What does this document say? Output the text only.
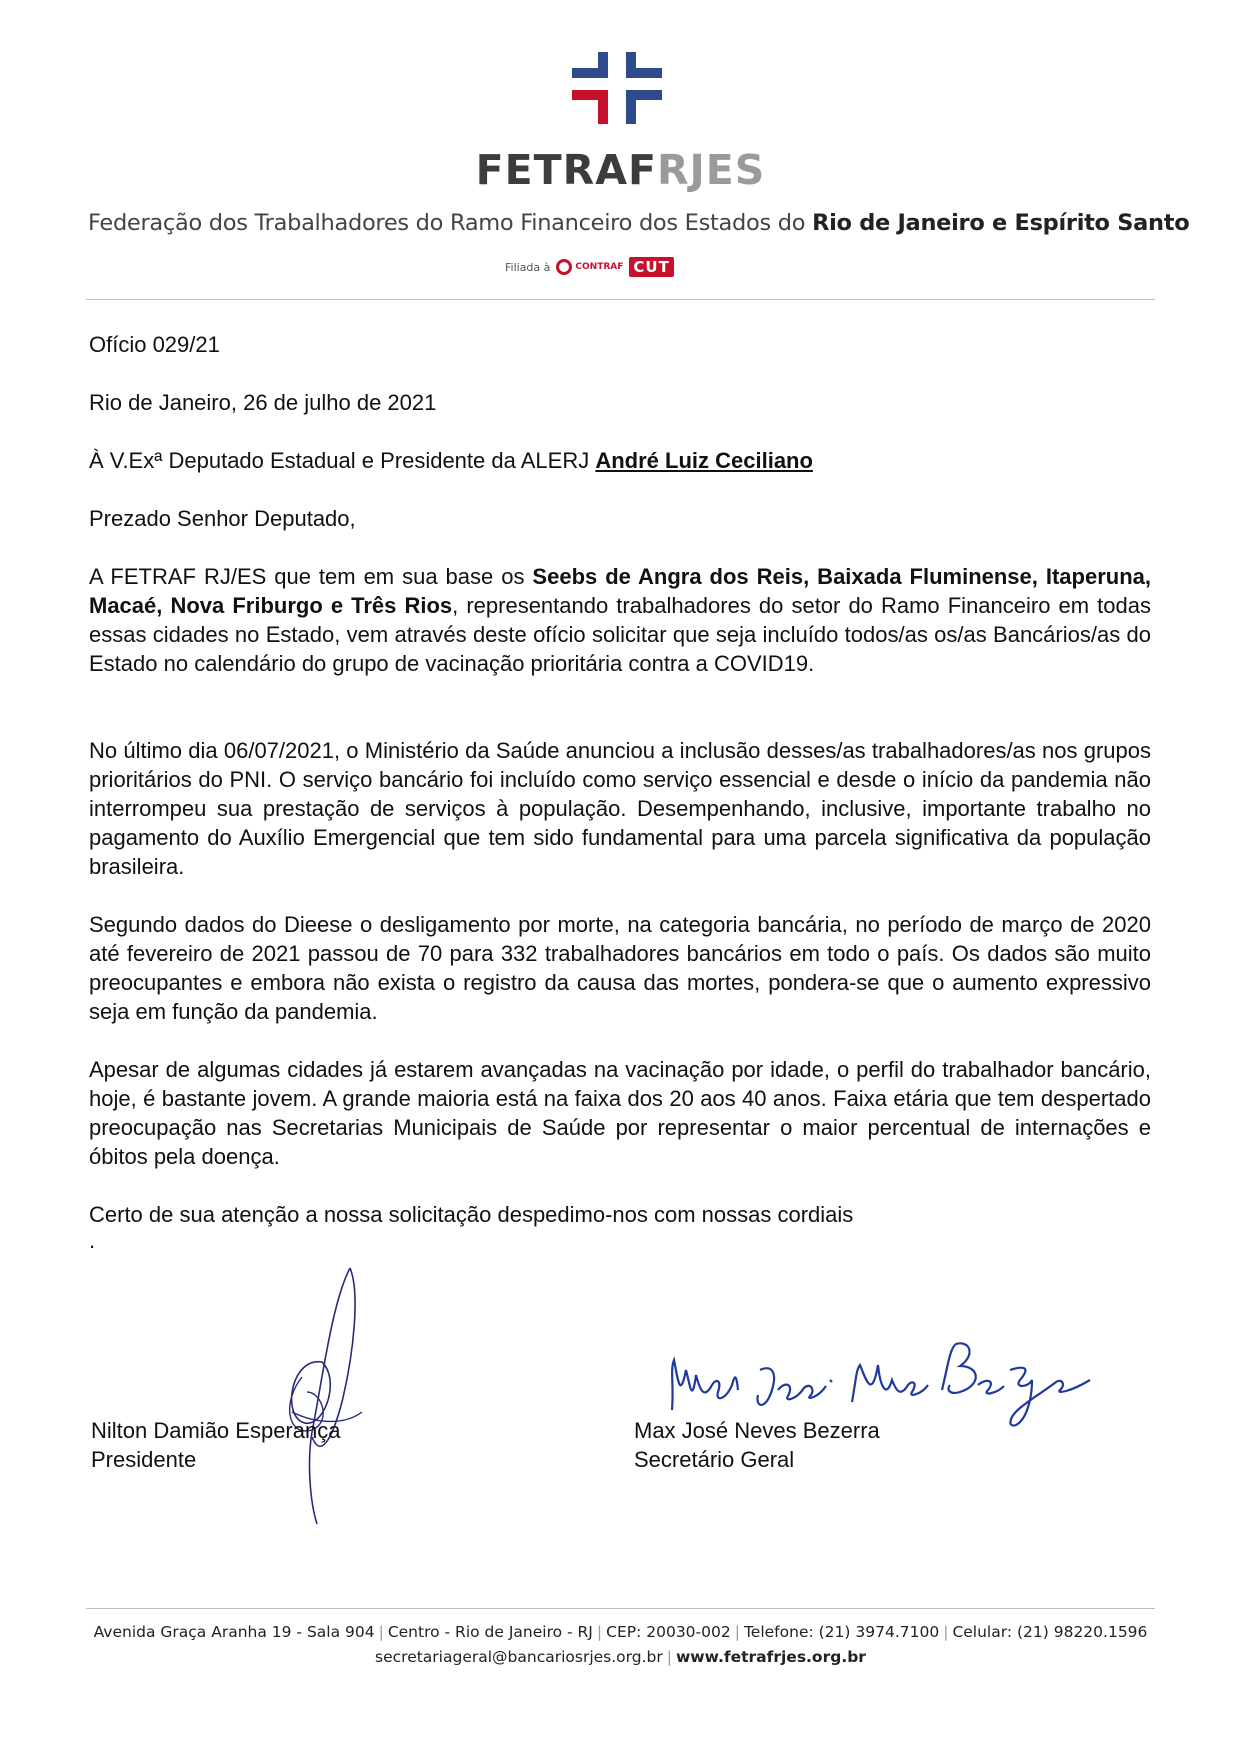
FETRAFRJES
Federação dos Trabalhadores do Ramo Financeiro dos Estados do Rio de Janeiro e Espírito Santo
Filiada à	CONTRAF CUT
Ofício 029/21
Rio de Janeiro, 26 de julho de 2021
À V.Exª Deputado Estadual e Presidente da ALERJ André Luiz Ceciliano
Prezado Senhor Deputado,

A FETRAF RJ/ES que tem em sua base os Seebs de Angra dos Reis, Baixada Fluminense, Itaperuna, Macaé, Nova Friburgo e Três Rios, representando trabalhadores do setor do Ramo Financeiro em todas essas cidades no Estado, vem através deste ofício solicitar que seja incluído todos/as os/as Bancários/as do Estado no calendário do grupo de vacinação prioritária contra a COVID19.

No último dia 06/07/2021, o Ministério da Saúde anunciou a inclusão desses/as trabalhadores/as nos grupos prioritários do PNI. O serviço bancário foi incluído como serviço essencial e desde o início da pandemia não interrompeu sua prestação de serviços à população. Desempenhando, inclusive, importante trabalho no pagamento do Auxílio Emergencial que tem sido fundamental para uma parcela significativa da população brasileira.

Segundo dados do Dieese o desligamento por morte, na categoria bancária, no período de março de 2020 até fevereiro de 2021 passou de 70 para 332 trabalhadores bancários em todo o país. Os dados são muito preocupantes e embora não exista o registro da causa das mortes, pondera-se que o aumento expressivo seja em função da pandemia.

Apesar de algumas cidades já estarem avançadas na vacinação por idade, o perfil do trabalhador bancário, hoje, é bastante jovem. A grande maioria está na faixa dos 20 aos 40 anos. Faixa etária que tem despertado preocupação nas Secretarias Municipais de Saúde por representar o maior percentual de internações e óbitos pela doença.

Certo de sua atenção a nossa solicitação despedimo-nos com nossas cordiais
.
Nilton Damião Esperança
Presidente
Max José Neves Bezerra
Secretário Geral
Avenida Graça Aranha 19 - Sala 904 | Centro - Rio de Janeiro - RJ | CEP: 20030-002 | Telefone: (21) 3974.7100 | Celular: (21) 98220.1596
secretariageral@bancariosrjes.org.br | www.fetrafrjes.org.br
